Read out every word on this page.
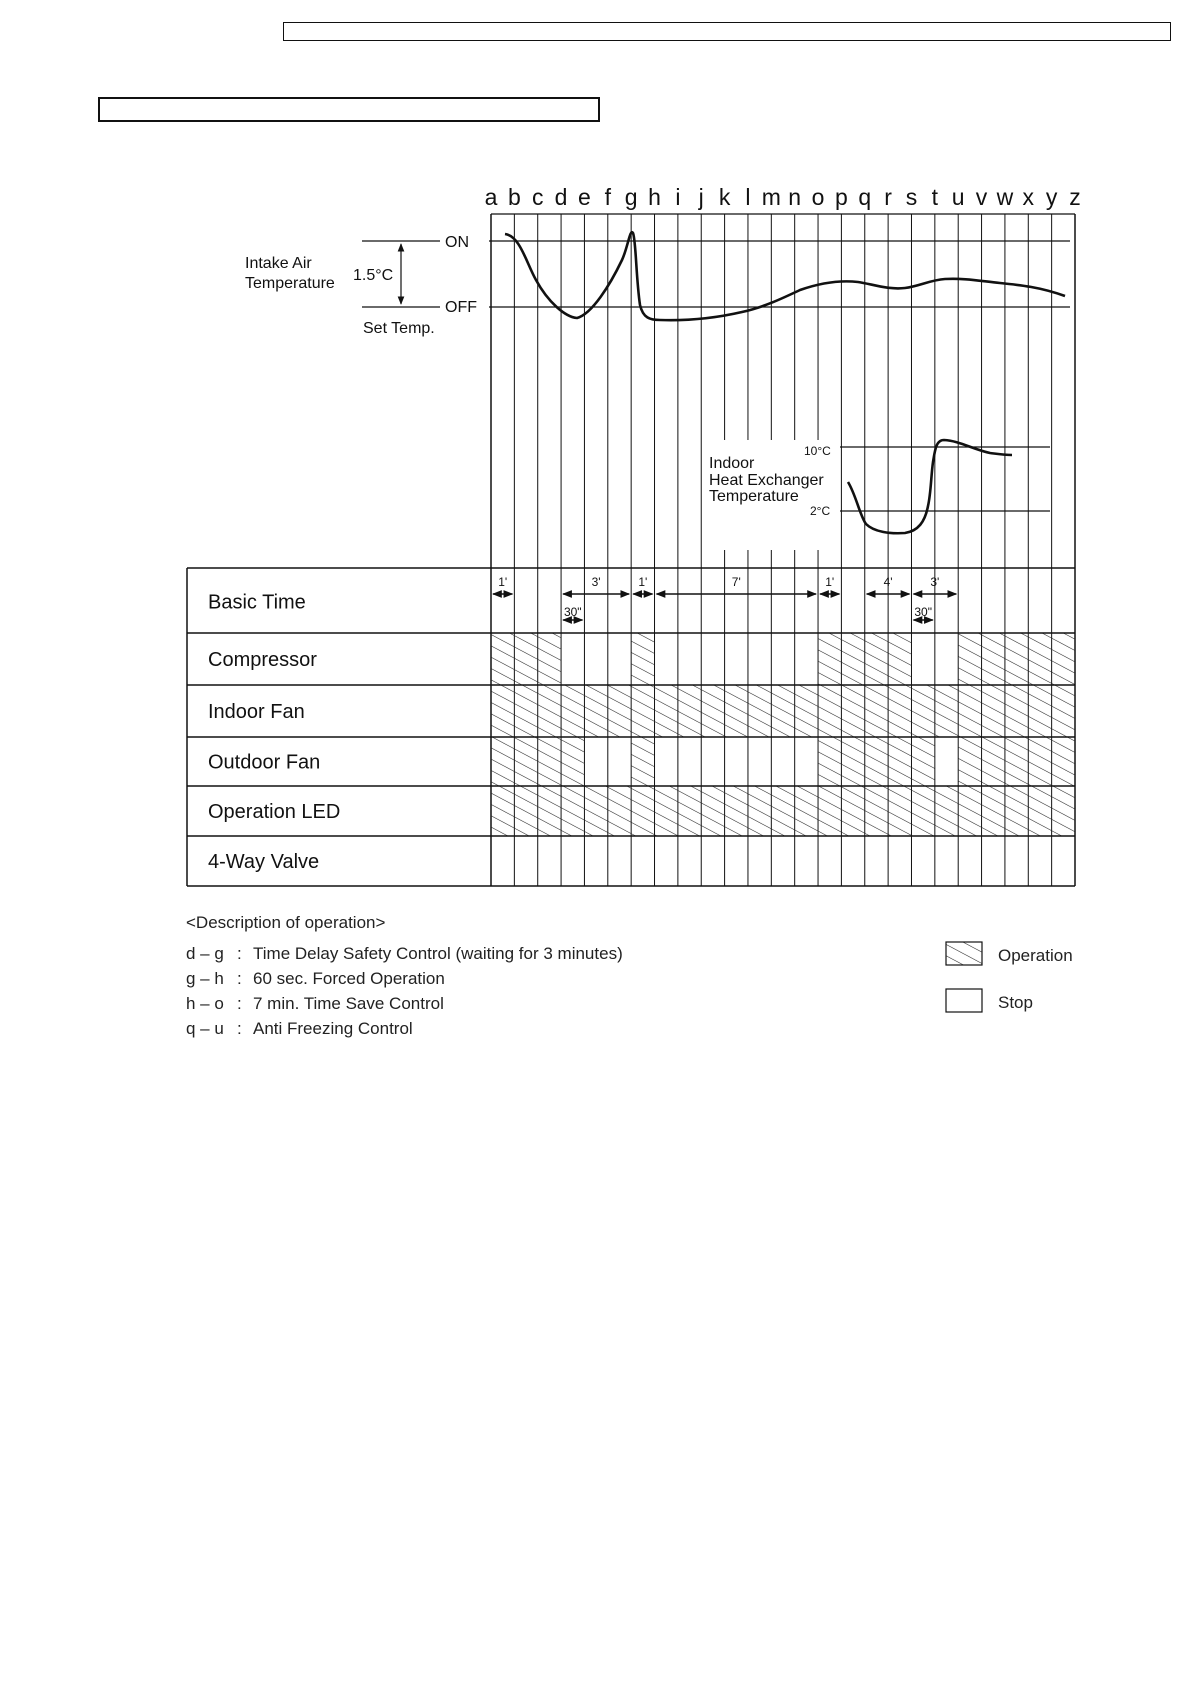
a b c d e f g h i j k l m n o p q r s t u v w x y z
Intake Air
Temperature 1.5°C
ON
OFF
Set Temp.
Indoor
Heat Exchanger
Temperature
10°C
2°C
Basic Time
Compressor
Indoor Fan
Outdoor Fan
Operation LED
4-Way Valve
1'	3'
30"
1'	7'	1'	4'	3'
30"
<Description of operation>
d – g : Time Delay Safety Control (waiting for 3 minutes)
g – h : 60 sec. Forced Operation
h – o : 7 min. Time Save Control
q – u : Anti Freezing Control
Operation
Stop
